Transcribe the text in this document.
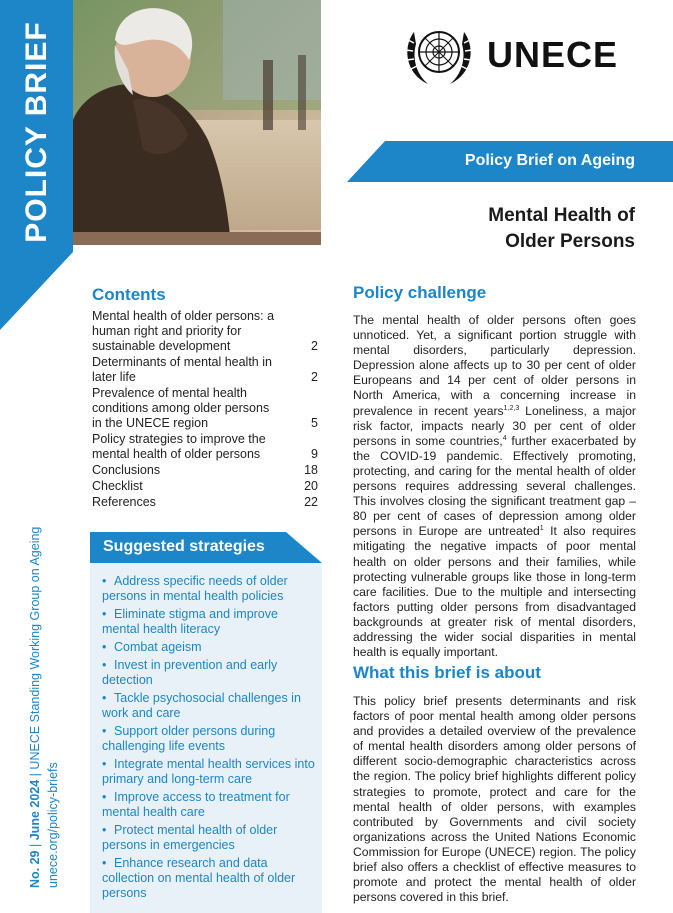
POLICY BRIEF
No. 29 | June 2024 | UNECE Standing Working Group on Ageing
unece.org/policy-briefs
UNECE
Policy Brief on Ageing
Mental Health of
Older Persons
Contents
Mental health of older persons: a human right and priority for sustainable development	2
Determinants of mental health in later life	2
Prevalence of mental health conditions among older persons in the UNECE region	5
Policy strategies to improve the mental health of older persons	9
Conclusions	18
Checklist	20
References	22
Suggested strategies
• Address specific needs of older persons in mental health policies
• Eliminate stigma and improve mental health literacy
• Combat ageism
• Invest in prevention and early detection
• Tackle psychosocial challenges in work and care
• Support older persons during challenging life events
• Integrate mental health services into primary and long-term care
• Improve access to treatment for mental health care
• Protect mental health of older persons in emergencies
• Enhance research and data collection on mental health of older persons
Policy challenge
The mental health of older persons often goes unnoticed. Yet, a significant portion struggle with mental disorders, particularly depression. Depression alone affects up to 30 per cent of older Europeans and 14 per cent of older persons in North America, with a concerning increase in prevalence in recent years$^{1,2,3}$ Loneliness, a major risk factor, impacts nearly 30 per cent of older persons in some countries,$^4$ further exacerbated by the COVID-19 pandemic. Effectively promoting, protecting, and caring for the mental health of older persons requires addressing several challenges. This involves closing the significant treatment gap – 80 per cent of cases of depression among older persons in Europe are untreated$^1$ It also requires mitigating the negative impacts of poor mental health on older persons and their families, while protecting vulnerable groups like those in long-term care facilities. Due to the multiple and intersecting factors putting older persons from disadvantaged backgrounds at greater risk of mental disorders, addressing the wider social disparities in mental health is equally important.
What this brief is about
This policy brief presents determinants and risk factors of poor mental health among older persons and provides a detailed overview of the prevalence of mental health disorders among older persons of different socio-demographic characteristics across the region. The policy brief highlights different policy strategies to promote, protect and care for the mental health of older persons, with examples contributed by Governments and civil society organizations across the United Nations Economic Commission for Europe (UNECE) region. The policy brief also offers a checklist of effective measures to promote and protect the mental health of older persons covered in this brief.
